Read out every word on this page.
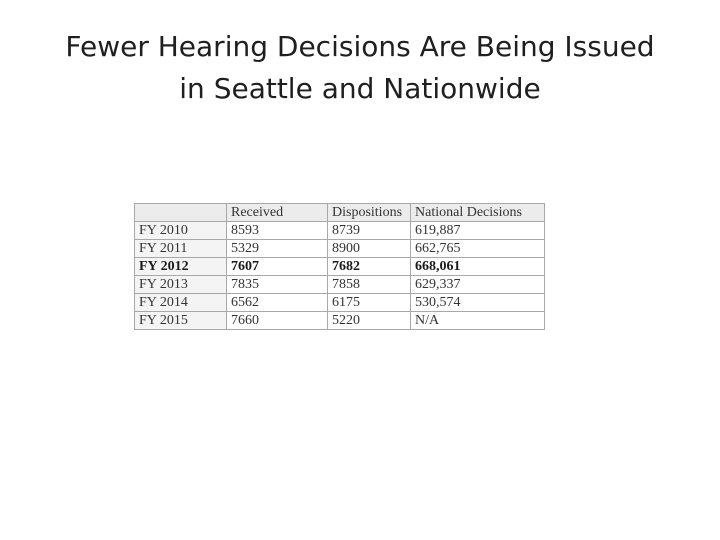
Fewer Hearing Decisions Are Being Issued
in Seattle and Nationwide
	Received	Dispositions	National Decisions
FY 2010	8593	8739	619,887
FY 2011	5329	8900	662,765
FY 2012	7607	7682	668,061
FY 2013	7835	7858	629,337
FY 2014	6562	6175	530,574
FY 2015	7660	5220	N/A
